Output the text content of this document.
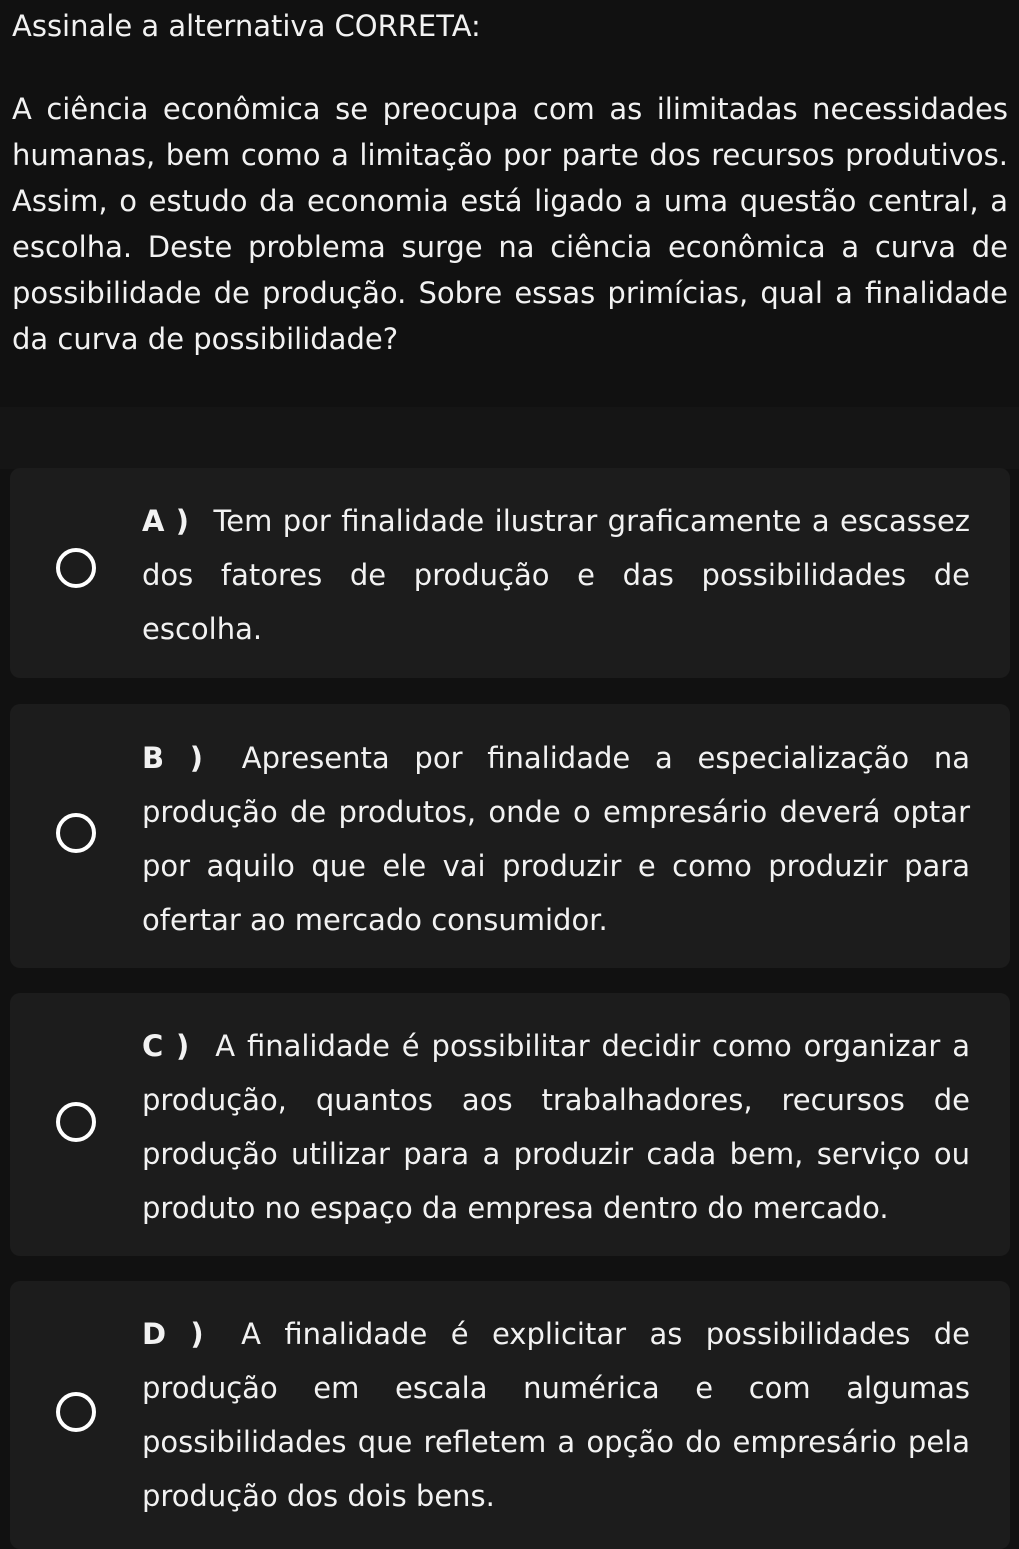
Assinale a alternativa CORRETA:

A ciência econômica se preocupa com as ilimitadas necessidades humanas, bem como a limitação por parte dos recursos produtivos. Assim, o estudo da economia está ligado a uma questão central, a escolha. Deste problema surge na ciência econômica a curva de possibilidade de produção. Sobre essas primícias, qual a finalidade da curva de possibilidade?

A ) Tem por finalidade ilustrar graficamente a escassez dos fatores de produção e das possibilidades de escolha.
B ) Apresenta por finalidade a especialização na produção de produtos, onde o empresário deverá optar por aquilo que ele vai produzir e como produzir para ofertar ao mercado consumidor.
C ) A finalidade é possibilitar decidir como organizar a produção, quantos aos trabalhadores, recursos de produção utilizar para a produzir cada bem, serviço ou produto no espaço da empresa dentro do mercado.
D ) A finalidade é explicitar as possibilidades de produção em escala numérica e com algumas possibilidades que refletem a opção do empresário pela produção dos dois bens.
